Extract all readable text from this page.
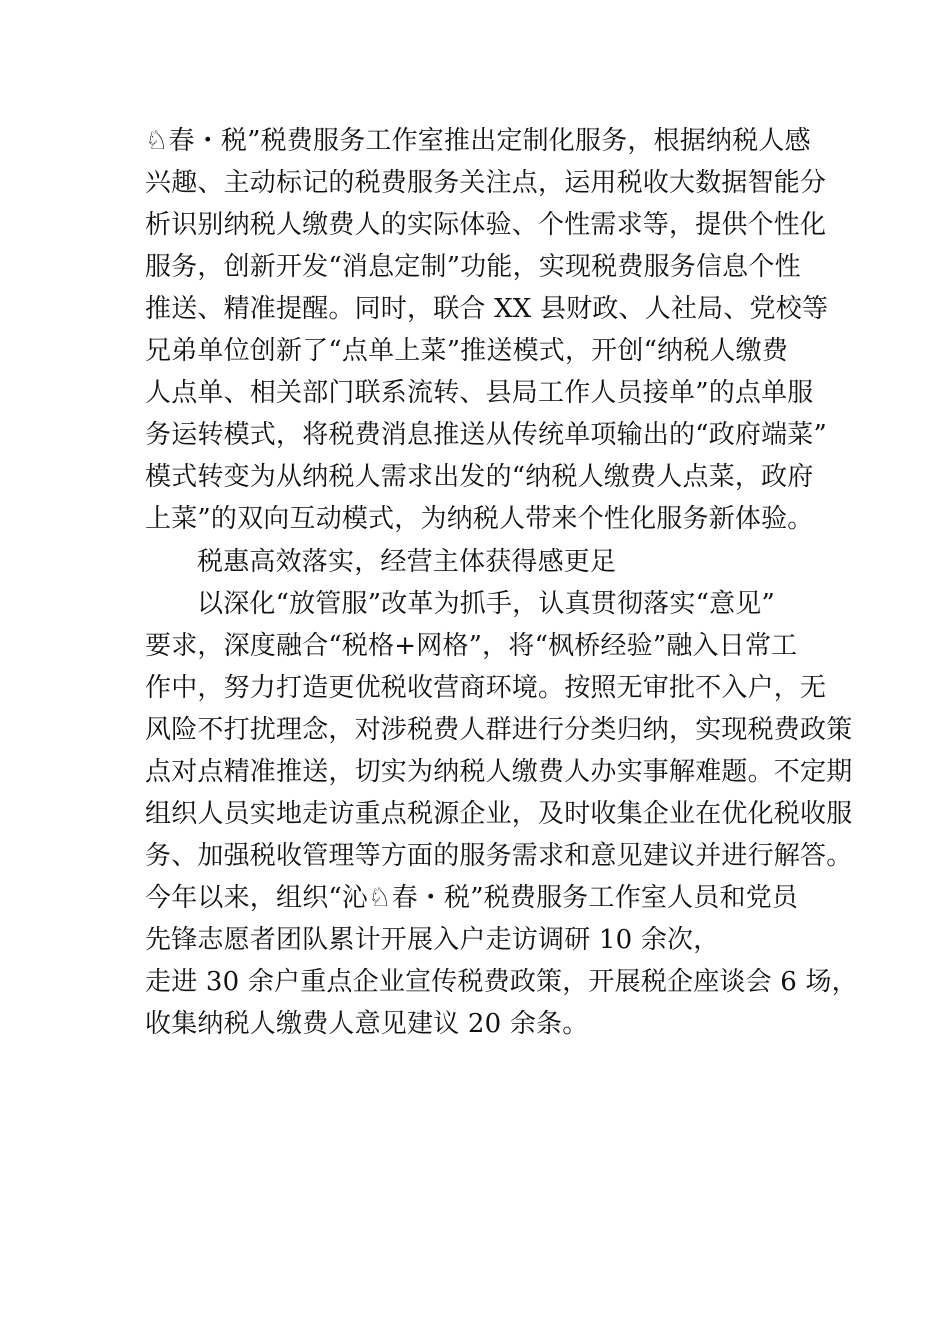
♘春・税”税费服务工作室推出定制化服务，根据纳税人感
兴趣、主动标记的税费服务关注点，运用税收大数据智能分
析识别纳税人缴费人的实际体验、个性需求等，提供个性化
服务，创新开发“消息定制”功能，实现税费服务信息个性
推送、精准提醒。同时，联合 XX 县财政、人社局、党校等
兄弟单位创新了“点单上菜”推送模式，开创“纳税人缴费
人点单、相关部门联系流转、县局工作人员接单”的点单服
务运转模式，将税费消息推送从传统单项输出的“政府端菜”
模式转变为从纳税人需求出发的“纳税人缴费人点菜，政府
上菜”的双向互动模式，为纳税人带来个性化服务新体验。
税惠高效落实，经营主体获得感更足
以深化“放管服”改革为抓手，认真贯彻落实“意见”
要求，深度融合“税格+网格”，将“枫桥经验”融入日常工
作中，努力打造更优税收营商环境。按照无审批不入户，无
风险不打扰理念，对涉税费人群进行分类归纳，实现税费政策
点对点精准推送，切实为纳税人缴费人办实事解难题。不定期
组织人员实地走访重点税源企业，及时收集企业在优化税收服
务、加强税收管理等方面的服务需求和意见建议并进行解答。
今年以来，组织“沁♘春・税”税费服务工作室人员和党员
先锋志愿者团队累计开展入户走访调研 10 余次，
走进 30 余户重点企业宣传税费政策，开展税企座谈会 6 场，
收集纳税人缴费人意见建议 20 余条。
